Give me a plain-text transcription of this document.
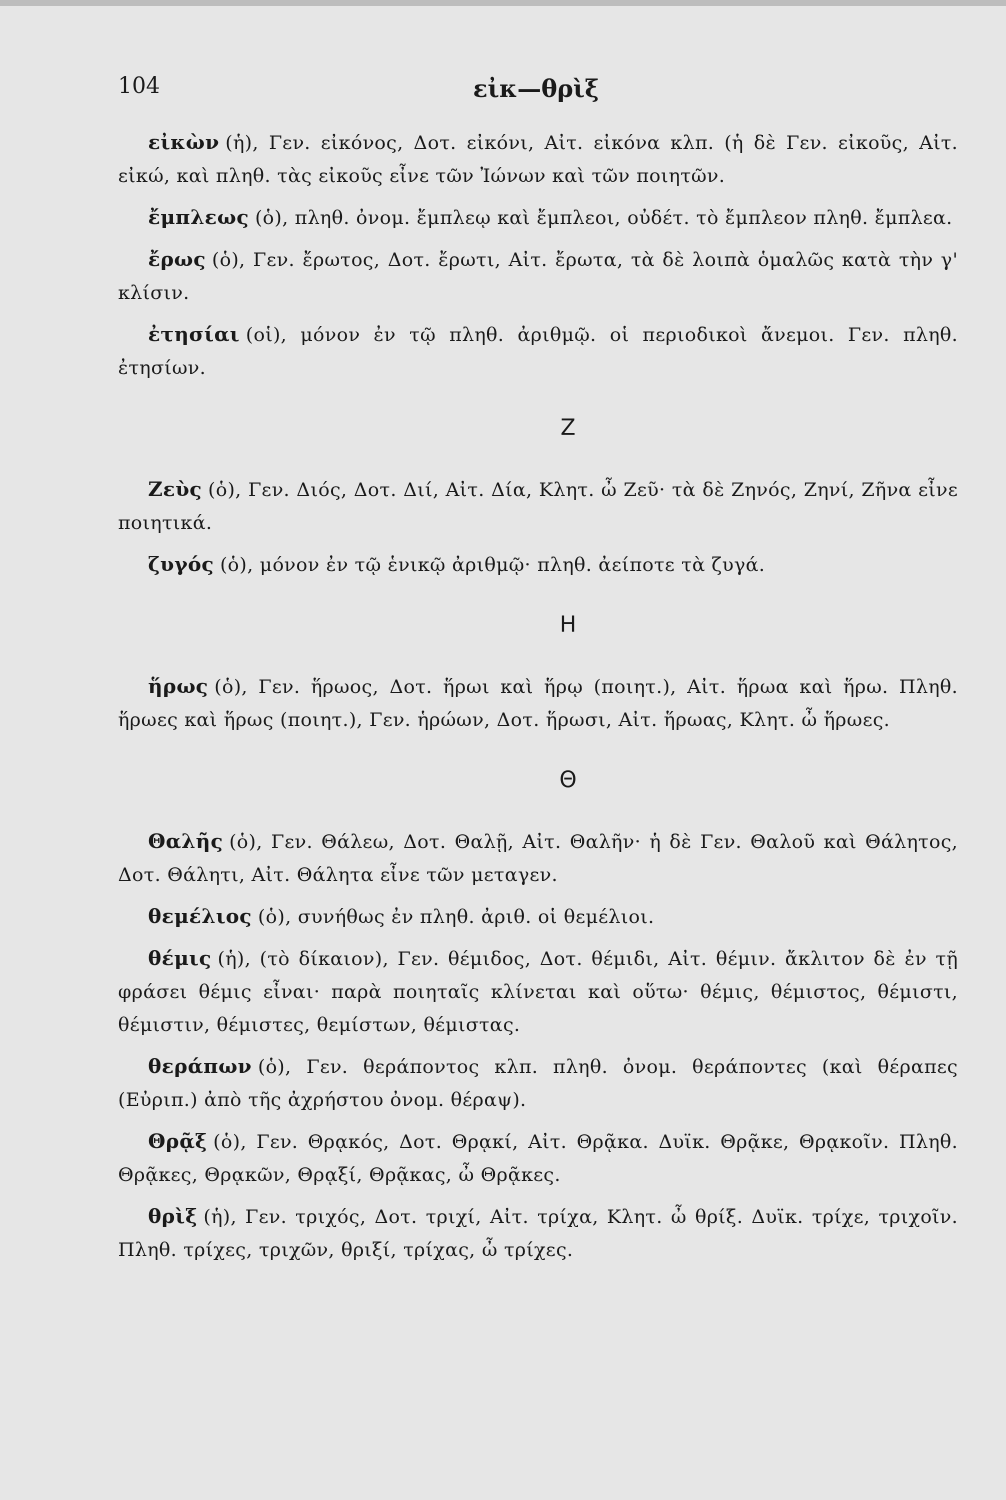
104	εἰκ—θρὶξ

εἰκὼν (ἡ), Γεν. εἰκόνος, Δοτ. εἰκόνι, Αἰτ. εἰκόνα κλπ. (ἡ δὲ Γεν. εἰκοῦς, Αἰτ. εἰκώ, καὶ πληθ. τὰς εἰκοῦς εἶνε τῶν Ἰώνων καὶ τῶν ποιητῶν.

ἔμπλεως (ὁ), πληθ. ὀνομ. ἔμπλεῳ καὶ ἔμπλεοι, οὐδέτ. τὸ ἔμπλεον πληθ. ἔμπλεα.

ἔρως (ὁ), Γεν. ἔρωτος, Δοτ. ἔρωτι, Αἰτ. ἔρωτα, τὰ δὲ λοιπὰ ὁμαλῶς κατὰ τὴν γ' κλίσιν.

ἐτησίαι (οἱ), μόνον ἐν τῷ πληθ. ἀριθμῷ. οἱ περιοδικοὶ ἄνεμοι. Γεν. πληθ. ἐτησίων.

Ζ

Ζεὺς (ὁ), Γεν. Διός, Δοτ. Διί, Αἰτ. Δία, Κλητ. ὦ Ζεῦ· τὰ δὲ Ζηνός, Ζηνί, Ζῆνα εἶνε ποιητικά.

ζυγός (ὁ), μόνον ἐν τῷ ἑνικῷ ἀριθμῷ· πληθ. ἀείποτε τὰ ζυγά.

Η

ἥρως (ὁ), Γεν. ἥρωος, Δοτ. ἥρωι καὶ ἥρῳ (ποιητ.), Αἰτ. ἥρωα καὶ ἥρω. Πληθ. ἥρωες καὶ ἥρως (ποιητ.), Γεν. ἡρώων, Δοτ. ἥρωσι, Αἰτ. ἥρωας, Κλητ. ὦ ἥρωες.

Θ

Θαλῆς (ὁ), Γεν. Θάλεω, Δοτ. Θαλῇ, Αἰτ. Θαλῆν· ἡ δὲ Γεν. Θαλοῦ καὶ Θάλητος, Δοτ. Θάλητι, Αἰτ. Θάλητα εἶνε τῶν μεταγεν.

θεμέλιος (ὁ), συνήθως ἐν πληθ. ἀριθ. οἱ θεμέλιοι.

θέμις (ἡ), (τὸ δίκαιον), Γεν. θέμιδος, Δοτ. θέμιδι, Αἰτ. θέμιν. ἄκλιτον δὲ ἐν τῇ φράσει θέμις εἶναι· παρὰ ποιηταῖς κλίνεται καὶ οὕτω· θέμις, θέμιστος, θέμιστι, θέμιστιν, θέμιστες, θεμίστων, θέμιστας.

θεράπων (ὁ), Γεν. θεράποντος κλπ. πληθ. ὀνομ. θεράποντες (καὶ θέραπες (Εὐριπ.) ἀπὸ τῆς ἀχρήστου ὀνομ. θέραψ).

Θρᾷξ (ὁ), Γεν. Θρᾳκός, Δοτ. Θρᾳκί, Αἰτ. Θρᾷκα. Δυϊκ. Θρᾷκε, Θρᾳκοῖν. Πληθ. Θρᾷκες, Θρᾳκῶν, Θρᾳξί, Θρᾷκας, ὦ Θρᾷκες.

θρὶξ (ἡ), Γεν. τριχός, Δοτ. τριχί, Αἰτ. τρίχα, Κλητ. ὦ θρίξ. Δυϊκ. τρίχε, τριχοῖν. Πληθ. τρίχες, τριχῶν, θριξί, τρίχας, ὦ τρίχες.
